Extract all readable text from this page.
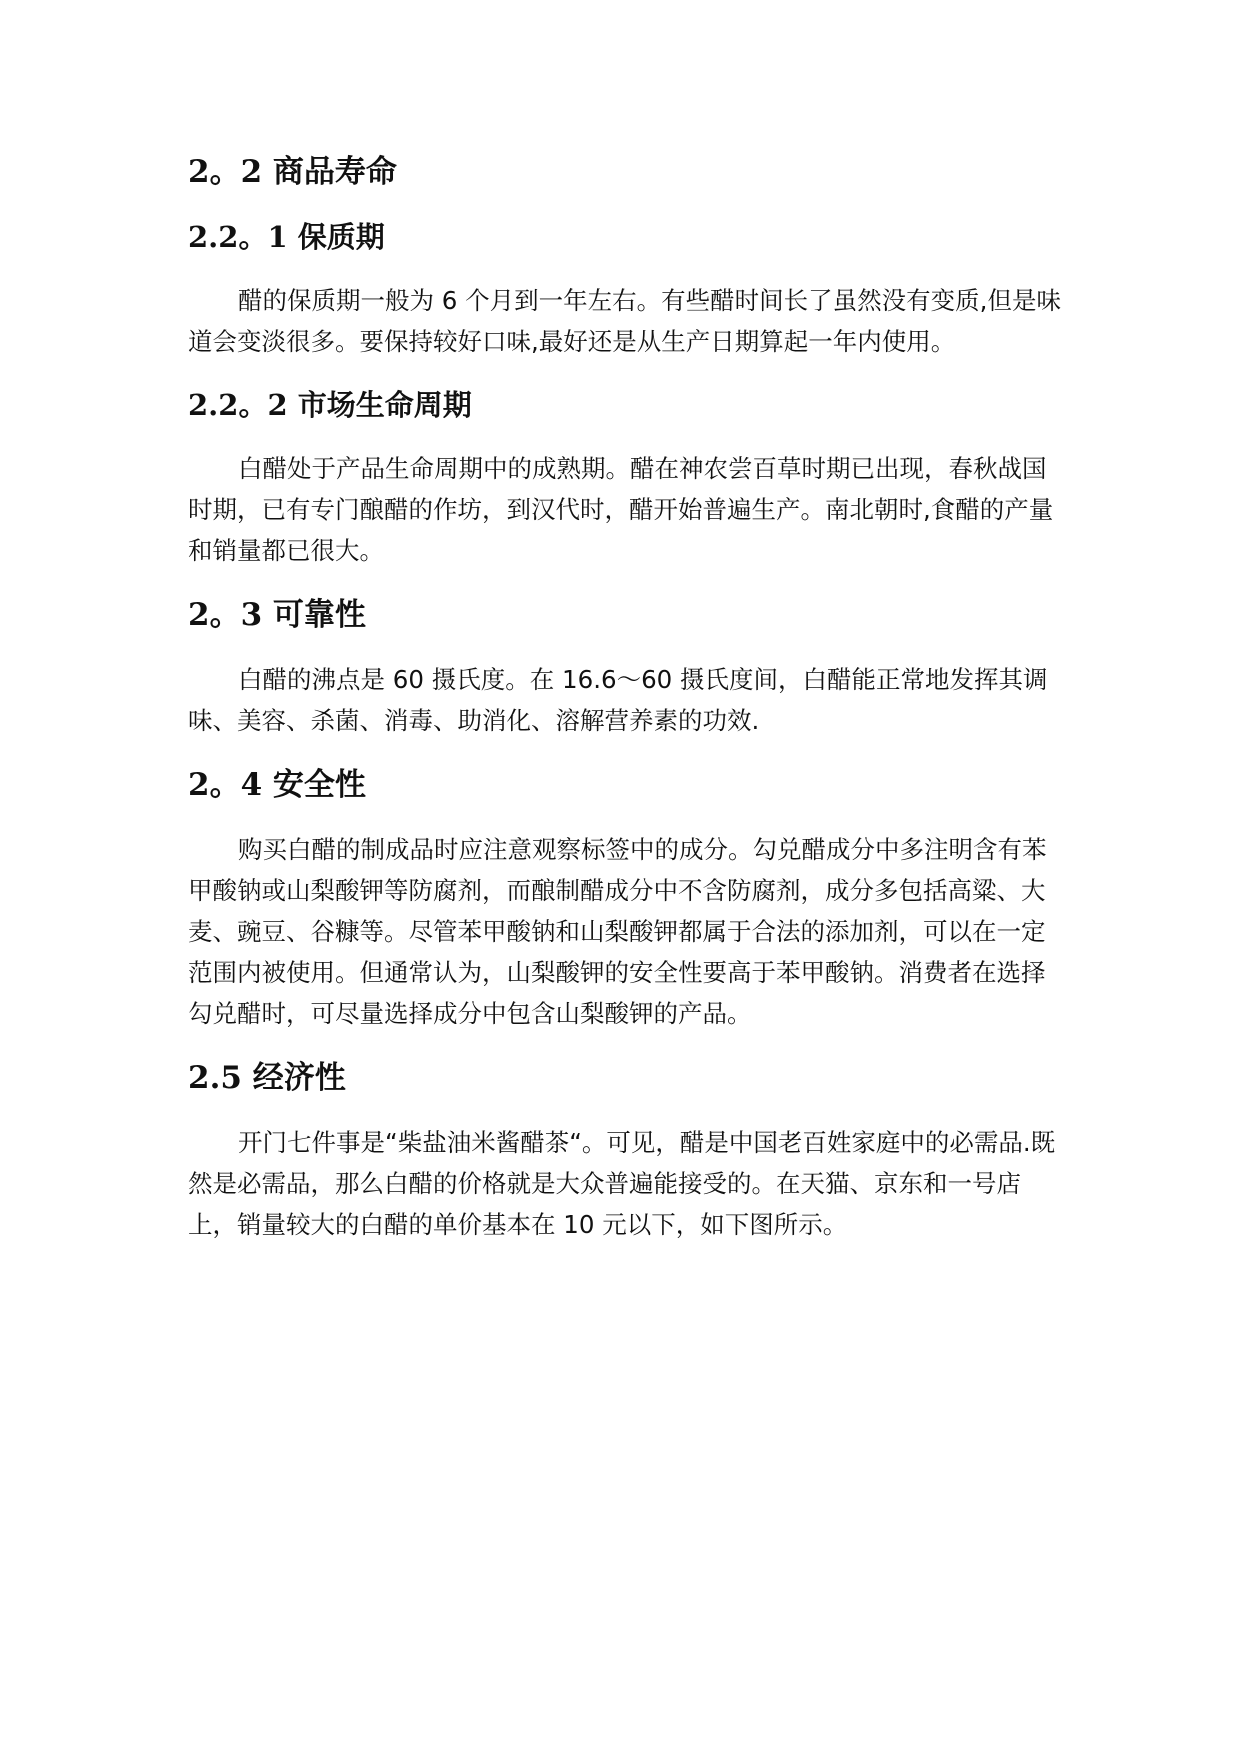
2。2 商品寿命
2.2。1 保质期

醋的保质期一般为 6 个月到一年左右。有些醋时间长了虽然没有变质,但是味道会变淡很多。要保持较好口味,最好还是从生产日期算起一年内使用。

2.2。2 市场生命周期

白醋处于产品生命周期中的成熟期。醋在神农尝百草时期已出现，春秋战国时期，已有专门酿醋的作坊，到汉代时，醋开始普遍生产。南北朝时,食醋的产量和销量都已很大。

2。3 可靠性

白醋的沸点是 60 摄氏度。在 16.6～60 摄氏度间，白醋能正常地发挥其调味、美容、杀菌、消毒、助消化、溶解营养素的功效.

2。4 安全性

购买白醋的制成品时应注意观察标签中的成分。勾兑醋成分中多注明含有苯甲酸钠或山梨酸钾等防腐剂，而酿制醋成分中不含防腐剂，成分多包括高粱、大麦、豌豆、谷糠等。尽管苯甲酸钠和山梨酸钾都属于合法的添加剂，可以在一定范围内被使用。但通常认为，山梨酸钾的安全性要高于苯甲酸钠。消费者在选择勾兑醋时，可尽量选择成分中包含山梨酸钾的产品。

2.5 经济性

开门七件事是“柴盐油米酱醋茶“。可见，醋是中国老百姓家庭中的必需品.既然是必需品，那么白醋的价格就是大众普遍能接受的。在天猫、京东和一号店上，销量较大的白醋的单价基本在 10 元以下，如下图所示。
